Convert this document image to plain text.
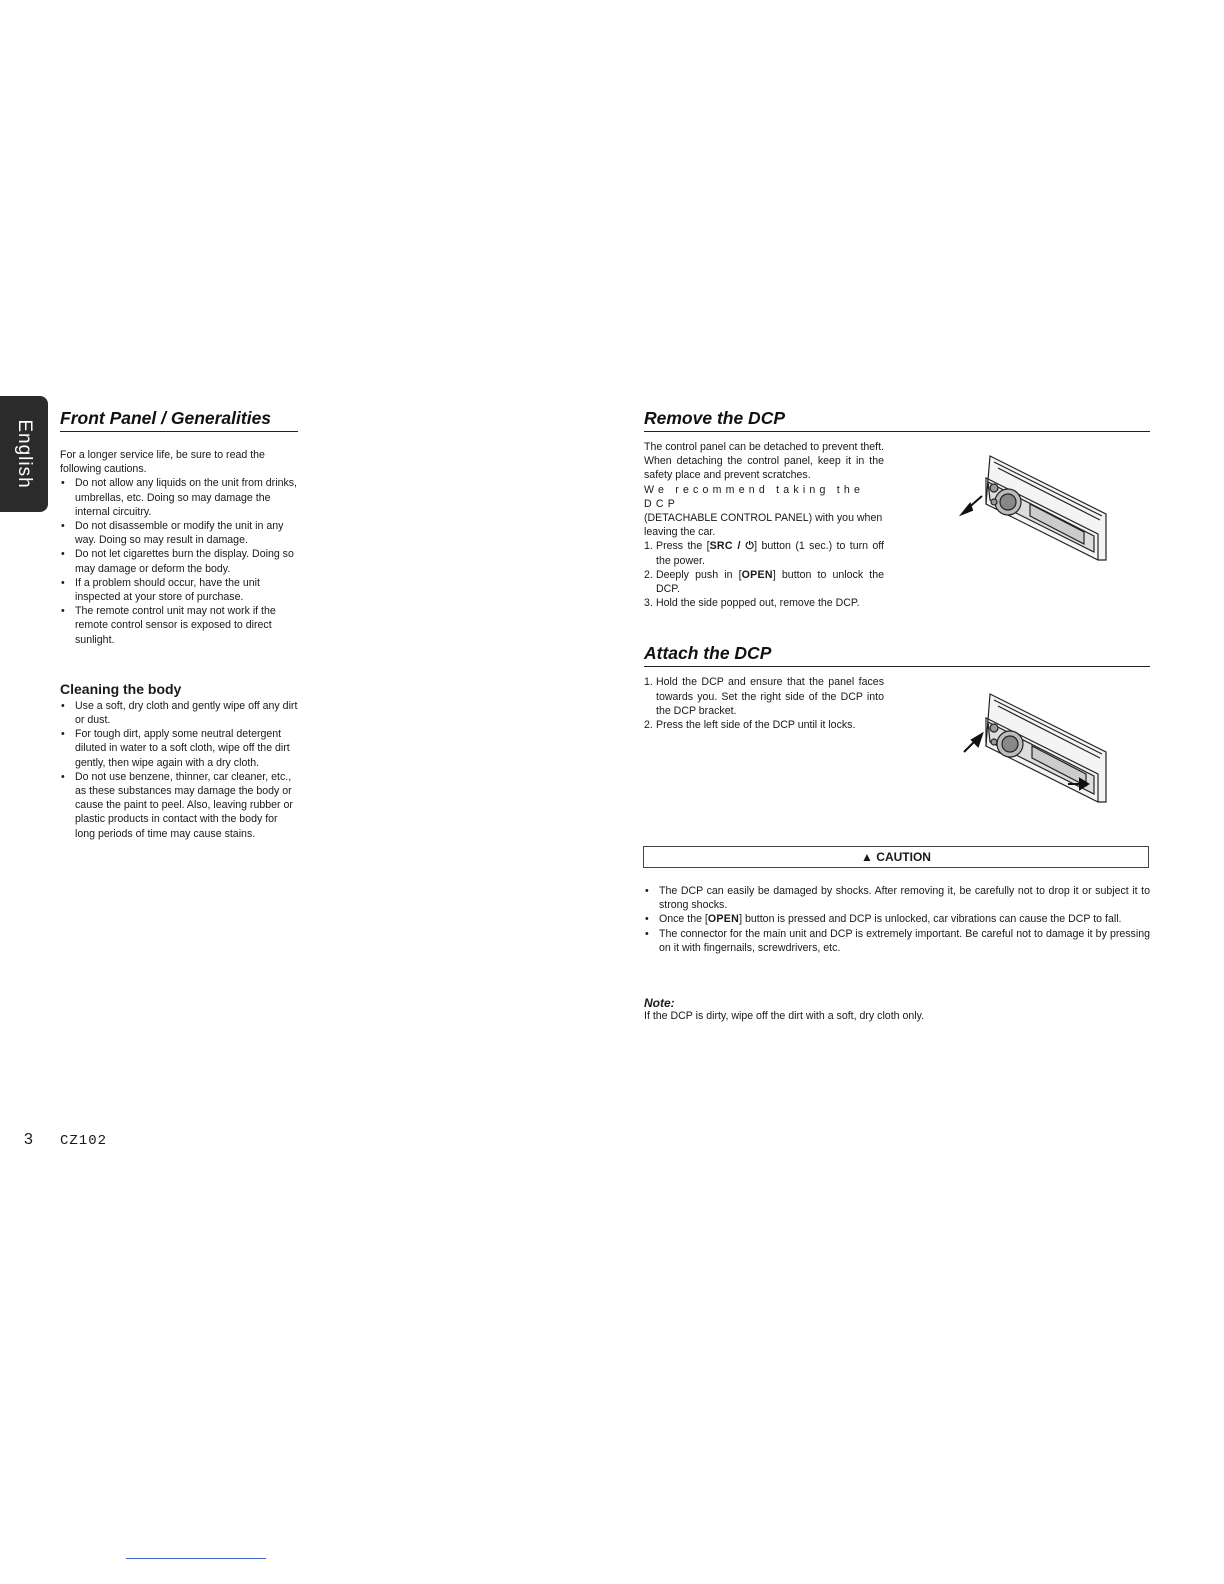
English
Front Panel / Generalities

For a longer service life, be sure to read the following cautions.

• Do not allow any liquids on the unit from drinks, umbrellas, etc. Doing so may damage the internal circuitry.
• Do not disassemble or modify the unit in any way. Doing so may result in damage.
• Do not let cigarettes burn the display. Doing so may damage or deform the body.
• If a problem should occur, have the unit inspected at your store of purchase.
• The remote control unit may not work if the remote control sensor is exposed to direct sunlight.
Cleaning the body
• Use a soft, dry cloth and gently wipe off any dirt or dust.
• For tough dirt, apply some neutral detergent diluted in water to a soft cloth, wipe off the dirt gently, then wipe again with a dry cloth.
• Do not use benzene, thinner, car cleaner, etc., as these substances may damage the body or cause the paint to peel. Also, leaving rubber or plastic products in contact with the body for long periods of time may cause stains.
Remove the DCP
The control panel can be detached to prevent theft. When detaching the control panel, keep it in the safety place and prevent scratches.
We recommend taking the DCP
(DETACHABLE CONTROL PANEL) with you when leaving the car.
1. Press the [SRC / ⏻] button (1 sec.) to turn off the power.
2. Deeply push in [OPEN] button to unlock the DCP.
3. Hold the side popped out, remove the DCP.
Attach the DCP
1. Hold the DCP and ensure that the panel faces towards you. Set the right side of the DCP into the DCP bracket.
2. Press the left side of the DCP until it locks.
▲ CAUTION
• The DCP can easily be damaged by shocks. After removing it, be carefully not to drop it or subject it to strong shocks.
• Once the [OPEN] button is pressed and DCP is unlocked, car vibrations can cause the DCP to fall.
• The connector for the main unit and DCP is extremely important. Be careful not to damage it by pressing on it with fingernails, screwdrivers, etc.
Note:
If the DCP is dirty, wipe off the dirt with a soft, dry cloth only.
3 CZ102
